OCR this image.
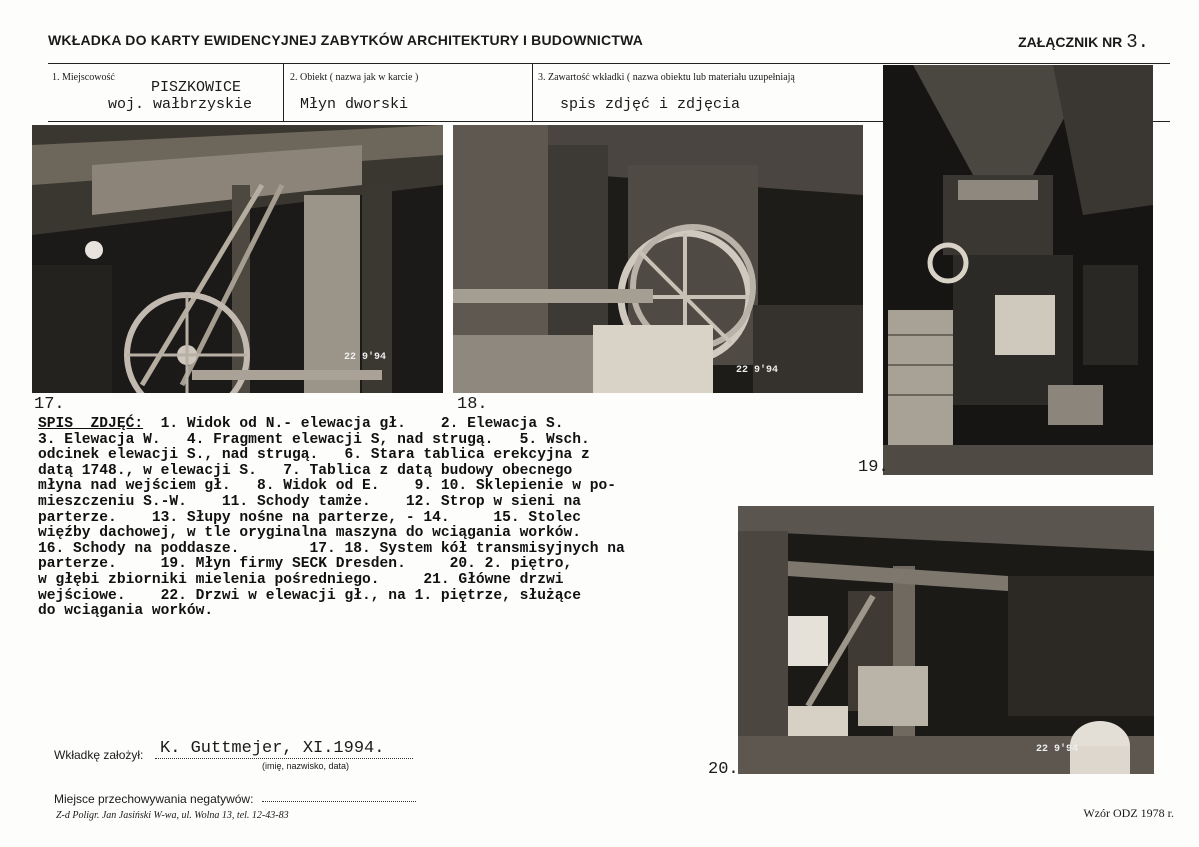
WKŁADKA DO KARTY EWIDENCYJNEJ ZABYTKÓW ARCHITEKTURY I BUDOWNICTWA	ZAŁĄCZNIK NR 3.
1. Miejscowość
PISZKOWICE
woj. wałbrzyskie
2. Obiekt ( nazwa jak w karcie )
Młyn dworski
3. Zawartość wkładki ( nazwa obiektu lub materiału uzupełniają
spis zdjęć i zdjęcia
22 9'94
17.
22 9'94
18.
19.
22 9'94
20.
SPIS  ZDJĘĆ:  1. Widok od N.- elewacja gł.    2. Elewacja S.
3. Elewacja W.   4. Fragment elewacji S, nad strugą.   5. Wsch.
odcinek elewacji S., nad strugą.   6. Stara tablica erekcyjna z
datą 1748., w elewacji S.   7. Tablica z datą budowy obecnego
młyna nad wejściem gł.   8. Widok od E.    9. 10. Sklepienie w po-
mieszczeniu S.-W.    11. Schody tamże.    12. Strop w sieni na
parterze.    13. Słupy nośne na parterze, - 14.     15. Stolec
więźby dachowej, w tle oryginalna maszyna do wciągania worków.
16. Schody na poddasze.        17. 18. System kół transmisyjnych na
parterze.     19. Młyn firmy SECK Dresden.     20. 2. piętro,
w głębi zbiorniki mielenia pośredniego.     21. Główne drzwi
wejściowe.    22. Drzwi w elewacji gł., na 1. piętrze, służące
do wciągania worków.
Wkładkę założył: K. Guttmejer, XI.1994.
(imię, nazwisko, data)
Miejsce przechowywania negatywów:
Z-d Poligr. Jan Jasiński W-wa, ul. Wolna 13, tel. 12-43-83	Wzór ODZ 1978 r.
